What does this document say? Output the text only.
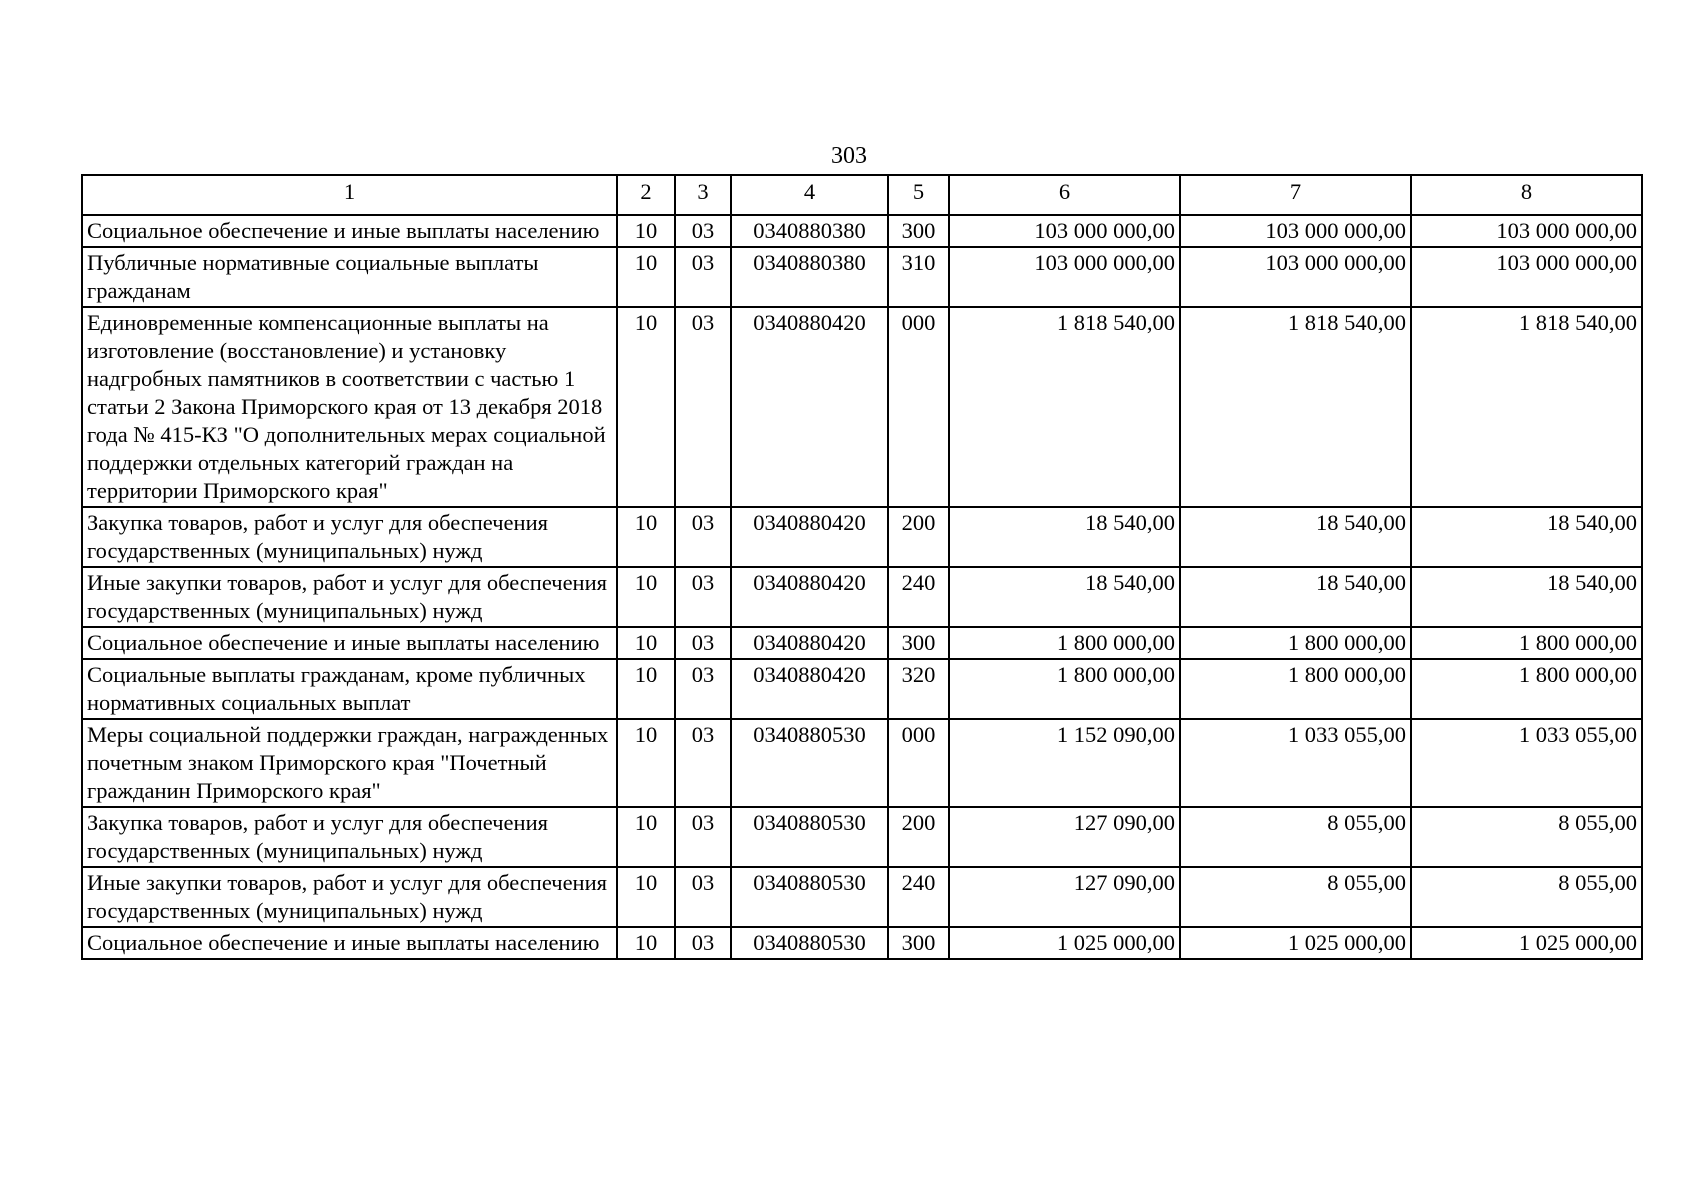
303
1	2	3	4	5	6	7	8
Социальное обеспечение и иные выплаты населению	10	03	0340880380	300	103 000 000,00	103 000 000,00	103 000 000,00
Публичные нормативные социальные выплаты гражданам	10	03	0340880380	310	103 000 000,00	103 000 000,00	103 000 000,00
Единовременные компенсационные выплаты на изготовление (восстановление) и установку надгробных памятников в соответствии с частью 1 статьи 2 Закона Приморского края от 13 декабря 2018 года № 415-КЗ "О дополнительных мерах социальной поддержки отдельных категорий граждан на территории Приморского края"	10	03	0340880420	000	1 818 540,00	1 818 540,00	1 818 540,00
Закупка товаров, работ и услуг для обеспечения государственных (муниципальных) нужд	10	03	0340880420	200	18 540,00	18 540,00	18 540,00
Иные закупки товаров, работ и услуг для обеспечения государственных (муниципальных) нужд	10	03	0340880420	240	18 540,00	18 540,00	18 540,00
Социальное обеспечение и иные выплаты населению	10	03	0340880420	300	1 800 000,00	1 800 000,00	1 800 000,00
Социальные выплаты гражданам, кроме публичных нормативных социальных выплат	10	03	0340880420	320	1 800 000,00	1 800 000,00	1 800 000,00
Меры социальной поддержки граждан, награжденных почетным знаком Приморского края "Почетный гражданин Приморского края"	10	03	0340880530	000	1 152 090,00	1 033 055,00	1 033 055,00
Закупка товаров, работ и услуг для обеспечения государственных (муниципальных) нужд	10	03	0340880530	200	127 090,00	8 055,00	8 055,00
Иные закупки товаров, работ и услуг для обеспечения государственных (муниципальных) нужд	10	03	0340880530	240	127 090,00	8 055,00	8 055,00
Социальное обеспечение и иные выплаты населению	10	03	0340880530	300	1 025 000,00	1 025 000,00	1 025 000,00
